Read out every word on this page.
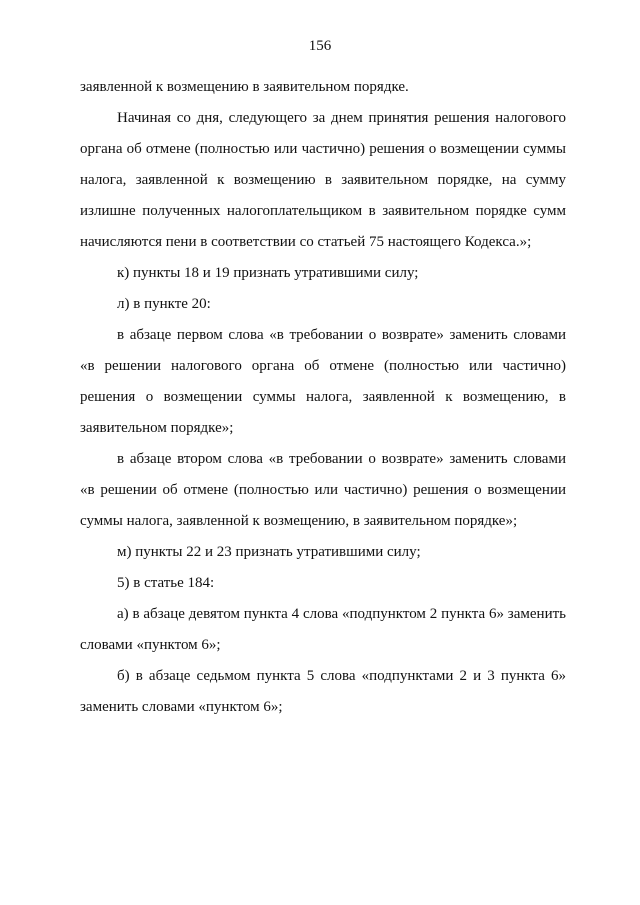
156

заявленной к возмещению в заявительном порядке.

Начиная со дня, следующего за днем принятия решения налогового органа об отмене (полностью или частично) решения о возмещении суммы налога, заявленной к возмещению в заявительном порядке, на сумму излишне полученных налогоплательщиком в заявительном порядке сумм начисляются пени в соответствии со статьей 75 настоящего Кодекса.»;

к) пункты 18 и 19 признать утратившими силу;

л) в пункте 20:

в абзаце первом слова «в требовании о возврате» заменить словами «в решении налогового органа об отмене (полностью или частично) решения о возмещении суммы налога, заявленной к возмещению, в заявительном порядке»;

в абзаце втором слова «в требовании о возврате» заменить словами «в решении об отмене (полностью или частично) решения о возмещении суммы налога, заявленной к возмещению, в заявительном порядке»;

м) пункты 22 и 23 признать утратившими силу;

5) в статье 184:

а) в абзаце девятом пункта 4 слова «подпунктом 2 пункта 6» заменить словами «пунктом 6»;

б) в абзаце седьмом пункта 5 слова «подпунктами 2 и 3 пункта 6» заменить словами «пунктом 6»;
